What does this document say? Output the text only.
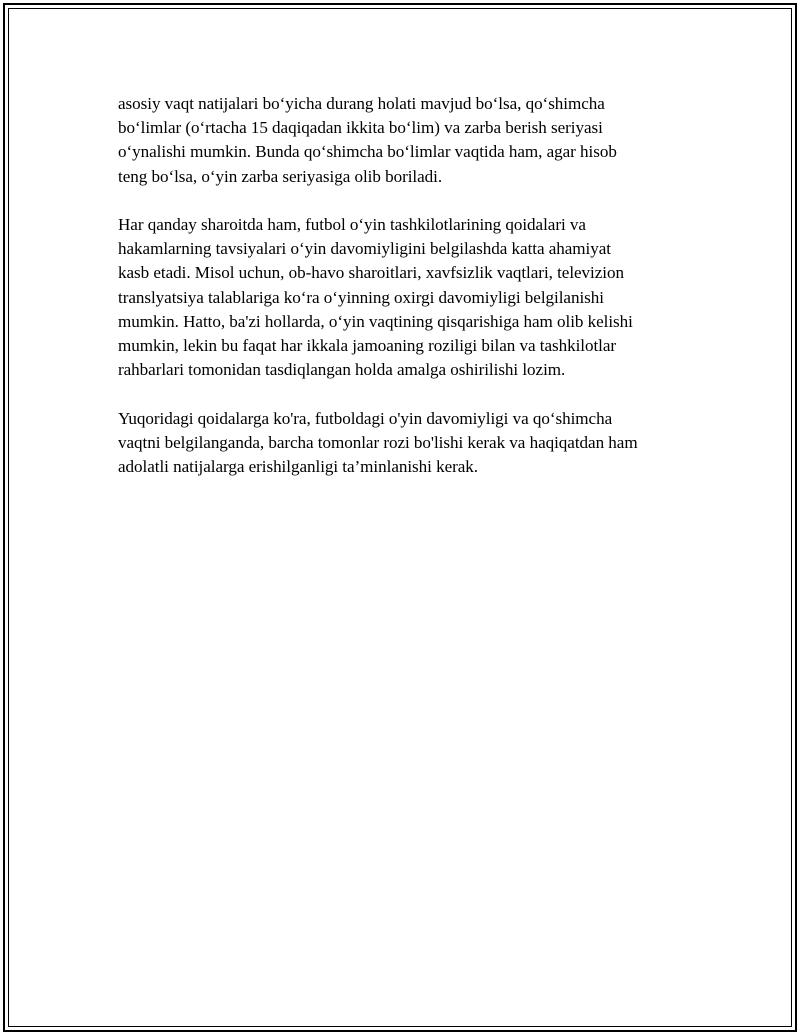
asosiy vaqt natijalari bo‘yicha durang holati mavjud bo‘lsa, qo‘shimcha
bo‘limlar (o‘rtacha 15 daqiqadan ikkita bo‘lim) va zarba berish seriyasi
o‘ynalishi mumkin. Bunda qo‘shimcha bo‘limlar vaqtida ham, agar hisob
teng bo‘lsa, o‘yin zarba seriyasiga olib boriladi.

Har qanday sharoitda ham, futbol o‘yin tashkilotlarining qoidalari va
hakamlarning tavsiyalari o‘yin davomiyligini belgilashda katta ahamiyat
kasb etadi. Misol uchun, ob-havo sharoitlari, xavfsizlik vaqtlari, televizion
translyatsiya talablariga ko‘ra o‘yinning oxirgi davomiyligi belgilanishi
mumkin. Hatto, ba'zi hollarda, o‘yin vaqtining qisqarishiga ham olib kelishi
mumkin, lekin bu faqat har ikkala jamoaning roziligi bilan va tashkilotlar
rahbarlari tomonidan tasdiqlangan holda amalga oshirilishi lozim.

Yuqoridagi qoidalarga ko'ra, futboldagi o'yin davomiyligi va qo‘shimcha
vaqtni belgilanganda, barcha tomonlar rozi bo'lishi kerak va haqiqatdan ham
adolatli natijalarga erishilganligi ta’minlanishi kerak.
